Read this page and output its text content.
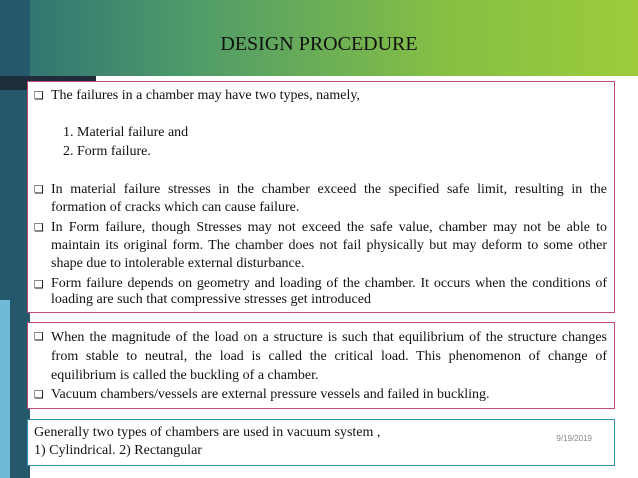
DESIGN PROCEDURE
❑ The failures in a chamber may have two types, namely,
1. Material failure and
2. Form failure.
❑ In material failure stresses in the chamber exceed the specified safe limit, resulting in the formation of cracks which can cause failure.
❑ In Form failure, though Stresses may not exceed the safe value, chamber may not be able to maintain its original form. The chamber does not fail physically but may deform to some other shape due to intolerable external disturbance.
❑ Form failure depends on geometry and loading of the chamber. It occurs when the conditions of loading are such that compressive stresses get introduced
❑ When the magnitude of the load on a structure is such that equilibrium of the structure changes from stable to neutral, the load is called the critical load. This phenomenon of change of equilibrium is called the buckling of a chamber.
❑ Vacuum chambers/vessels are external pressure vessels and failed in buckling.
Generally two types of chambers are used in vacuum system ,
1) Cylindrical. 2) Rectangular
9/19/2019
